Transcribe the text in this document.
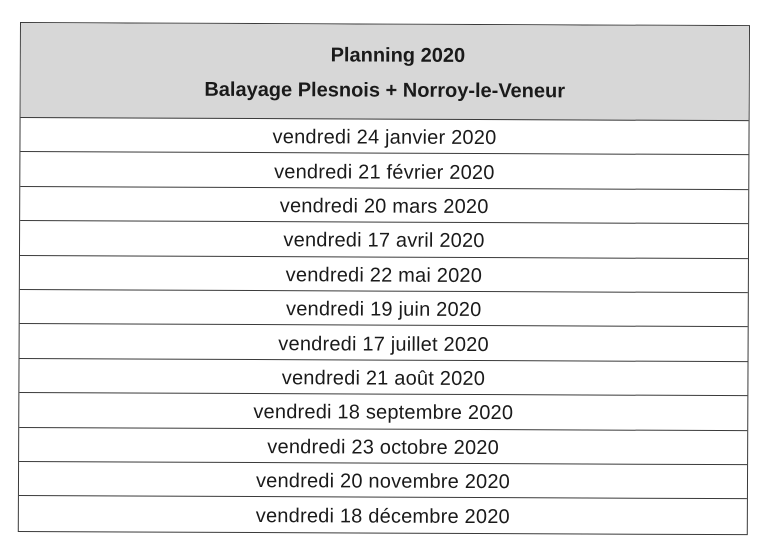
Planning 2020
Balayage Plesnois + Norroy-le-Veneur
vendredi 24 janvier 2020
vendredi 21 février 2020
vendredi 20 mars 2020
vendredi 17 avril 2020
vendredi 22 mai 2020
vendredi 19 juin 2020
vendredi 17 juillet 2020
vendredi 21 août 2020
vendredi 18 septembre 2020
vendredi 23 octobre 2020
vendredi 20 novembre 2020
vendredi 18 décembre 2020
